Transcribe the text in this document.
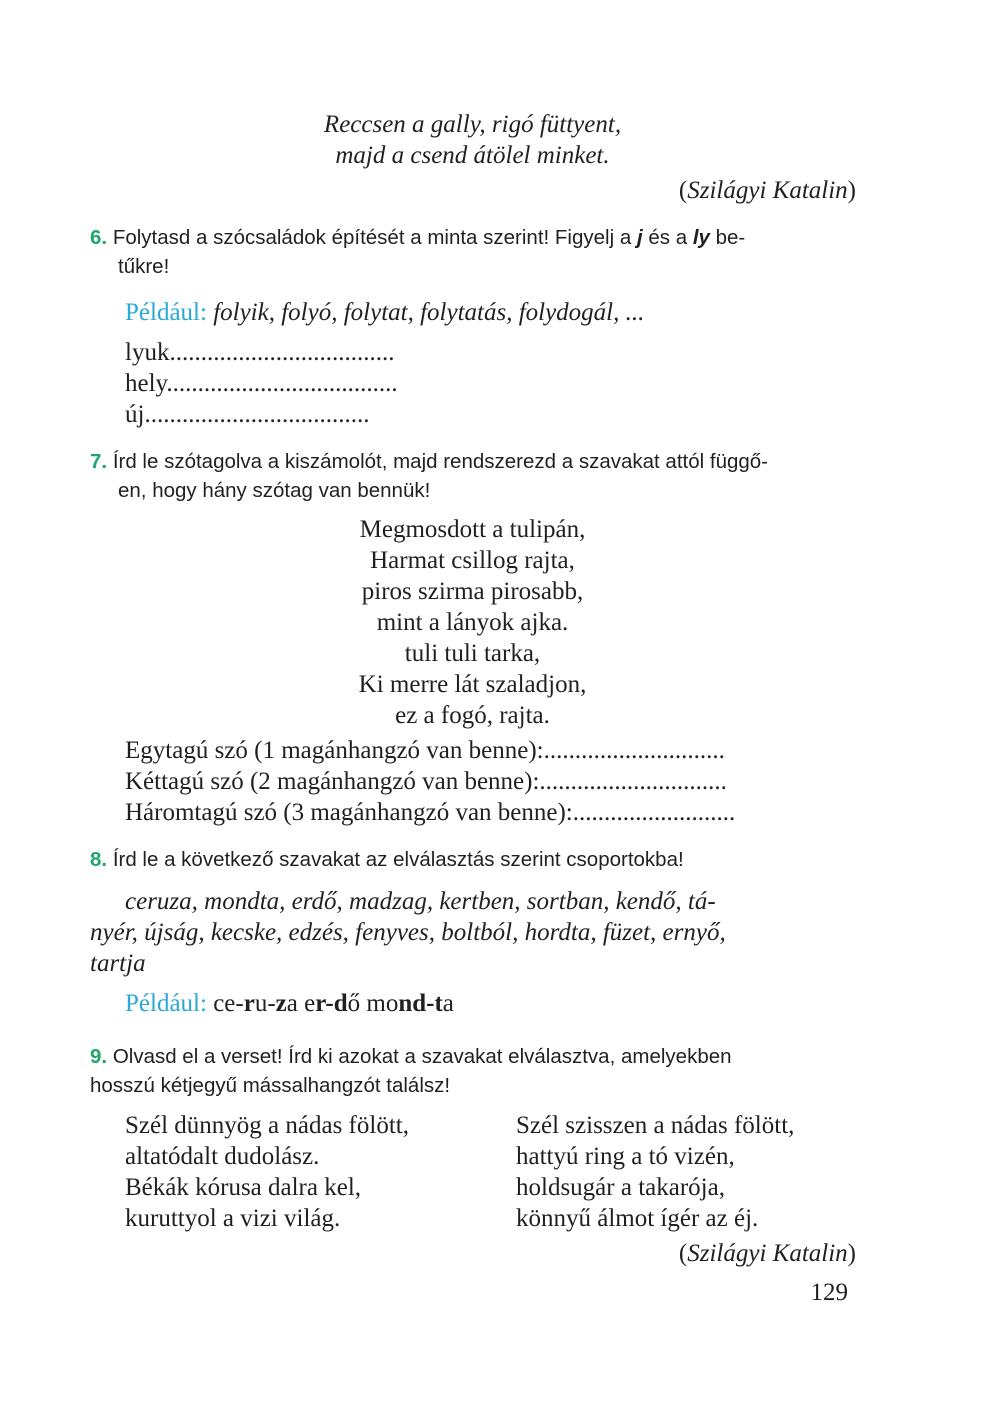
Reccsen a gally, rigó füttyent,
majd a csend átölel minket.
(Szilágyi Katalin)
6. Folytasd a szócsaládok építését a minta szerint! Figyelj a j és a ly be-
tűkre!
Például: folyik, folyó, folytat, folytatás, folydogál, ...
lyuk....................................
hely.....................................
új....................................
7. Írd le szótagolva a kiszámolót, majd rendszerezd a szavakat attól függő-
en, hogy hány szótag van bennük!
Megmosdott a tulipán,
Harmat csillog rajta,
piros szirma pirosabb,
mint a lányok ajka.
tuli tuli tarka,
Ki merre lát szaladjon,
ez a fogó, rajta.
Egytagú szó (1 magánhangzó van benne):.............................
Kéttagú szó (2 magánhangzó van benne):..............................
Háromtagú szó (3 magánhangzó van benne):..........................
8. Írd le a következő szavakat az elválasztás szerint csoportokba!
ceruza, mondta, erdő, madzag, kertben, sortban, kendő, tá-
nyér, újság, kecske, edzés, fenyves, boltból, hordta, füzet, ernyő,
tartja
Például: ce-ru-za er-dő mond-ta
9. Olvasd el a verset! Írd ki azokat a szavakat elválasztva, amelyekben
hosszú kétjegyű mássalhangzót találsz!
Szél dünnyög a nádas fölött,
altatódalt dudolász.
Békák kórusa dalra kel,
kuruttyol a vizi világ.
Szél szisszen a nádas fölött,
hattyú ring a tó vizén,
holdsugár a takarója,
könnyű álmot ígér az éj.
(Szilágyi Katalin)
129
